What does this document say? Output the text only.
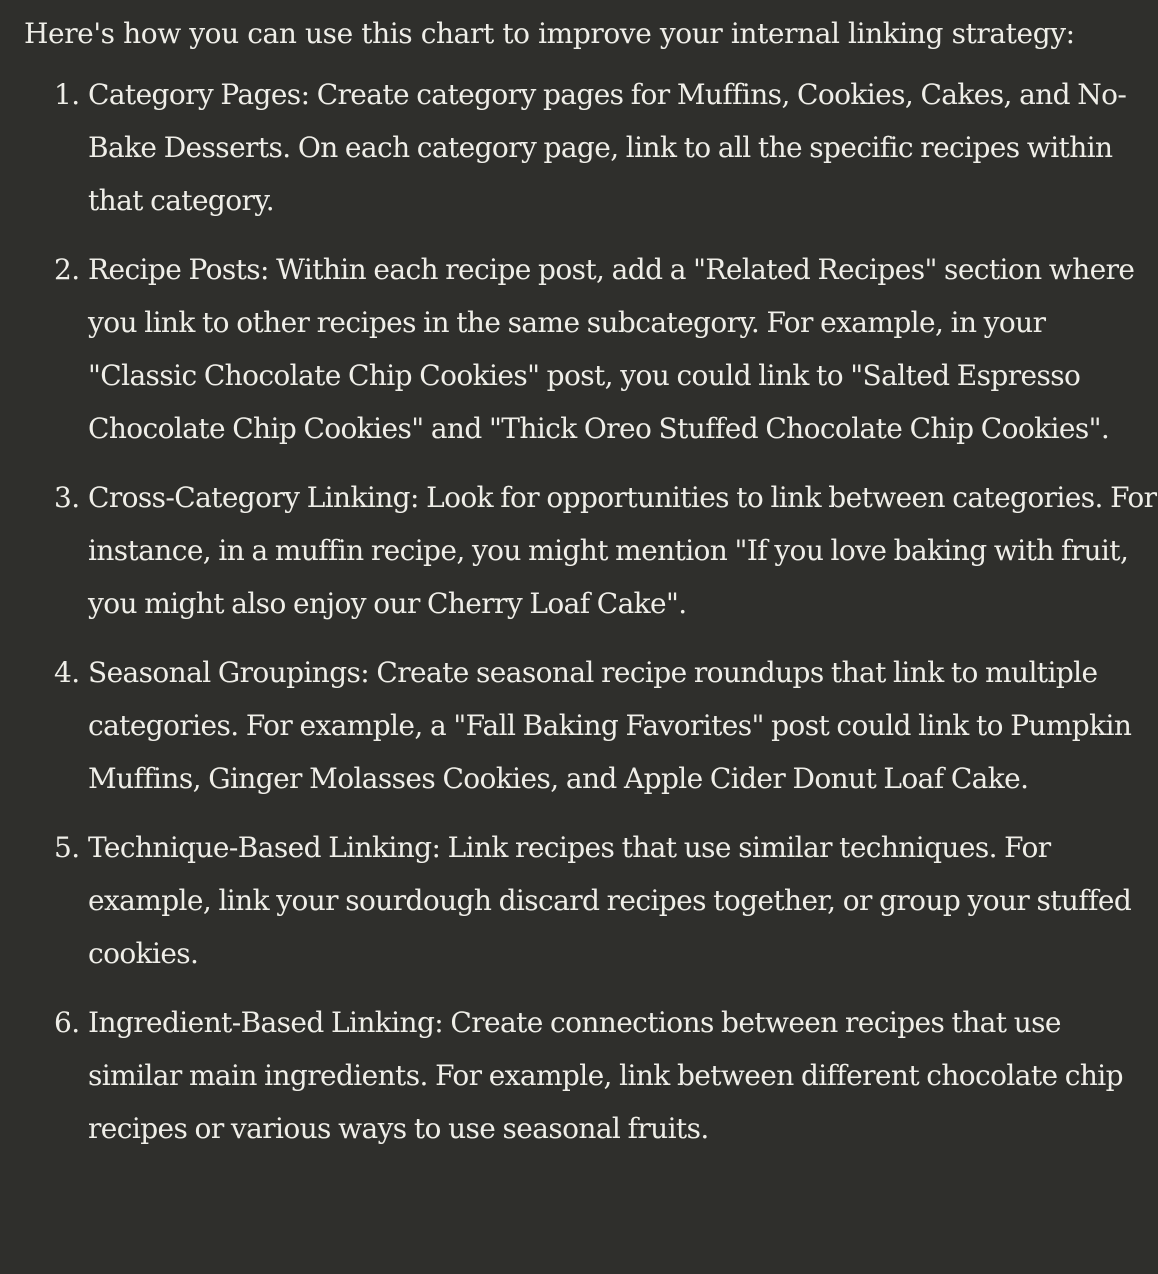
Here's how you can use this chart to improve your internal linking strategy:

1. Category Pages: Create category pages for Muffins, Cookies, Cakes, and No-Bake Desserts. On each category page, link to all the specific recipes within that category.
2. Recipe Posts: Within each recipe post, add a "Related Recipes" section where you link to other recipes in the same subcategory. For example, in your "Classic Chocolate Chip Cookies" post, you could link to "Salted Espresso Chocolate Chip Cookies" and "Thick Oreo Stuffed Chocolate Chip Cookies".
3. Cross-Category Linking: Look for opportunities to link between categories. For instance, in a muffin recipe, you might mention "If you love baking with fruit, you might also enjoy our Cherry Loaf Cake".
4. Seasonal Groupings: Create seasonal recipe roundups that link to multiple categories. For example, a "Fall Baking Favorites" post could link to Pumpkin Muffins, Ginger Molasses Cookies, and Apple Cider Donut Loaf Cake.
5. Technique-Based Linking: Link recipes that use similar techniques. For example, link your sourdough discard recipes together, or group your stuffed cookies.
6. Ingredient-Based Linking: Create connections between recipes that use similar main ingredients. For example, link between different chocolate chip recipes or various ways to use seasonal fruits.
